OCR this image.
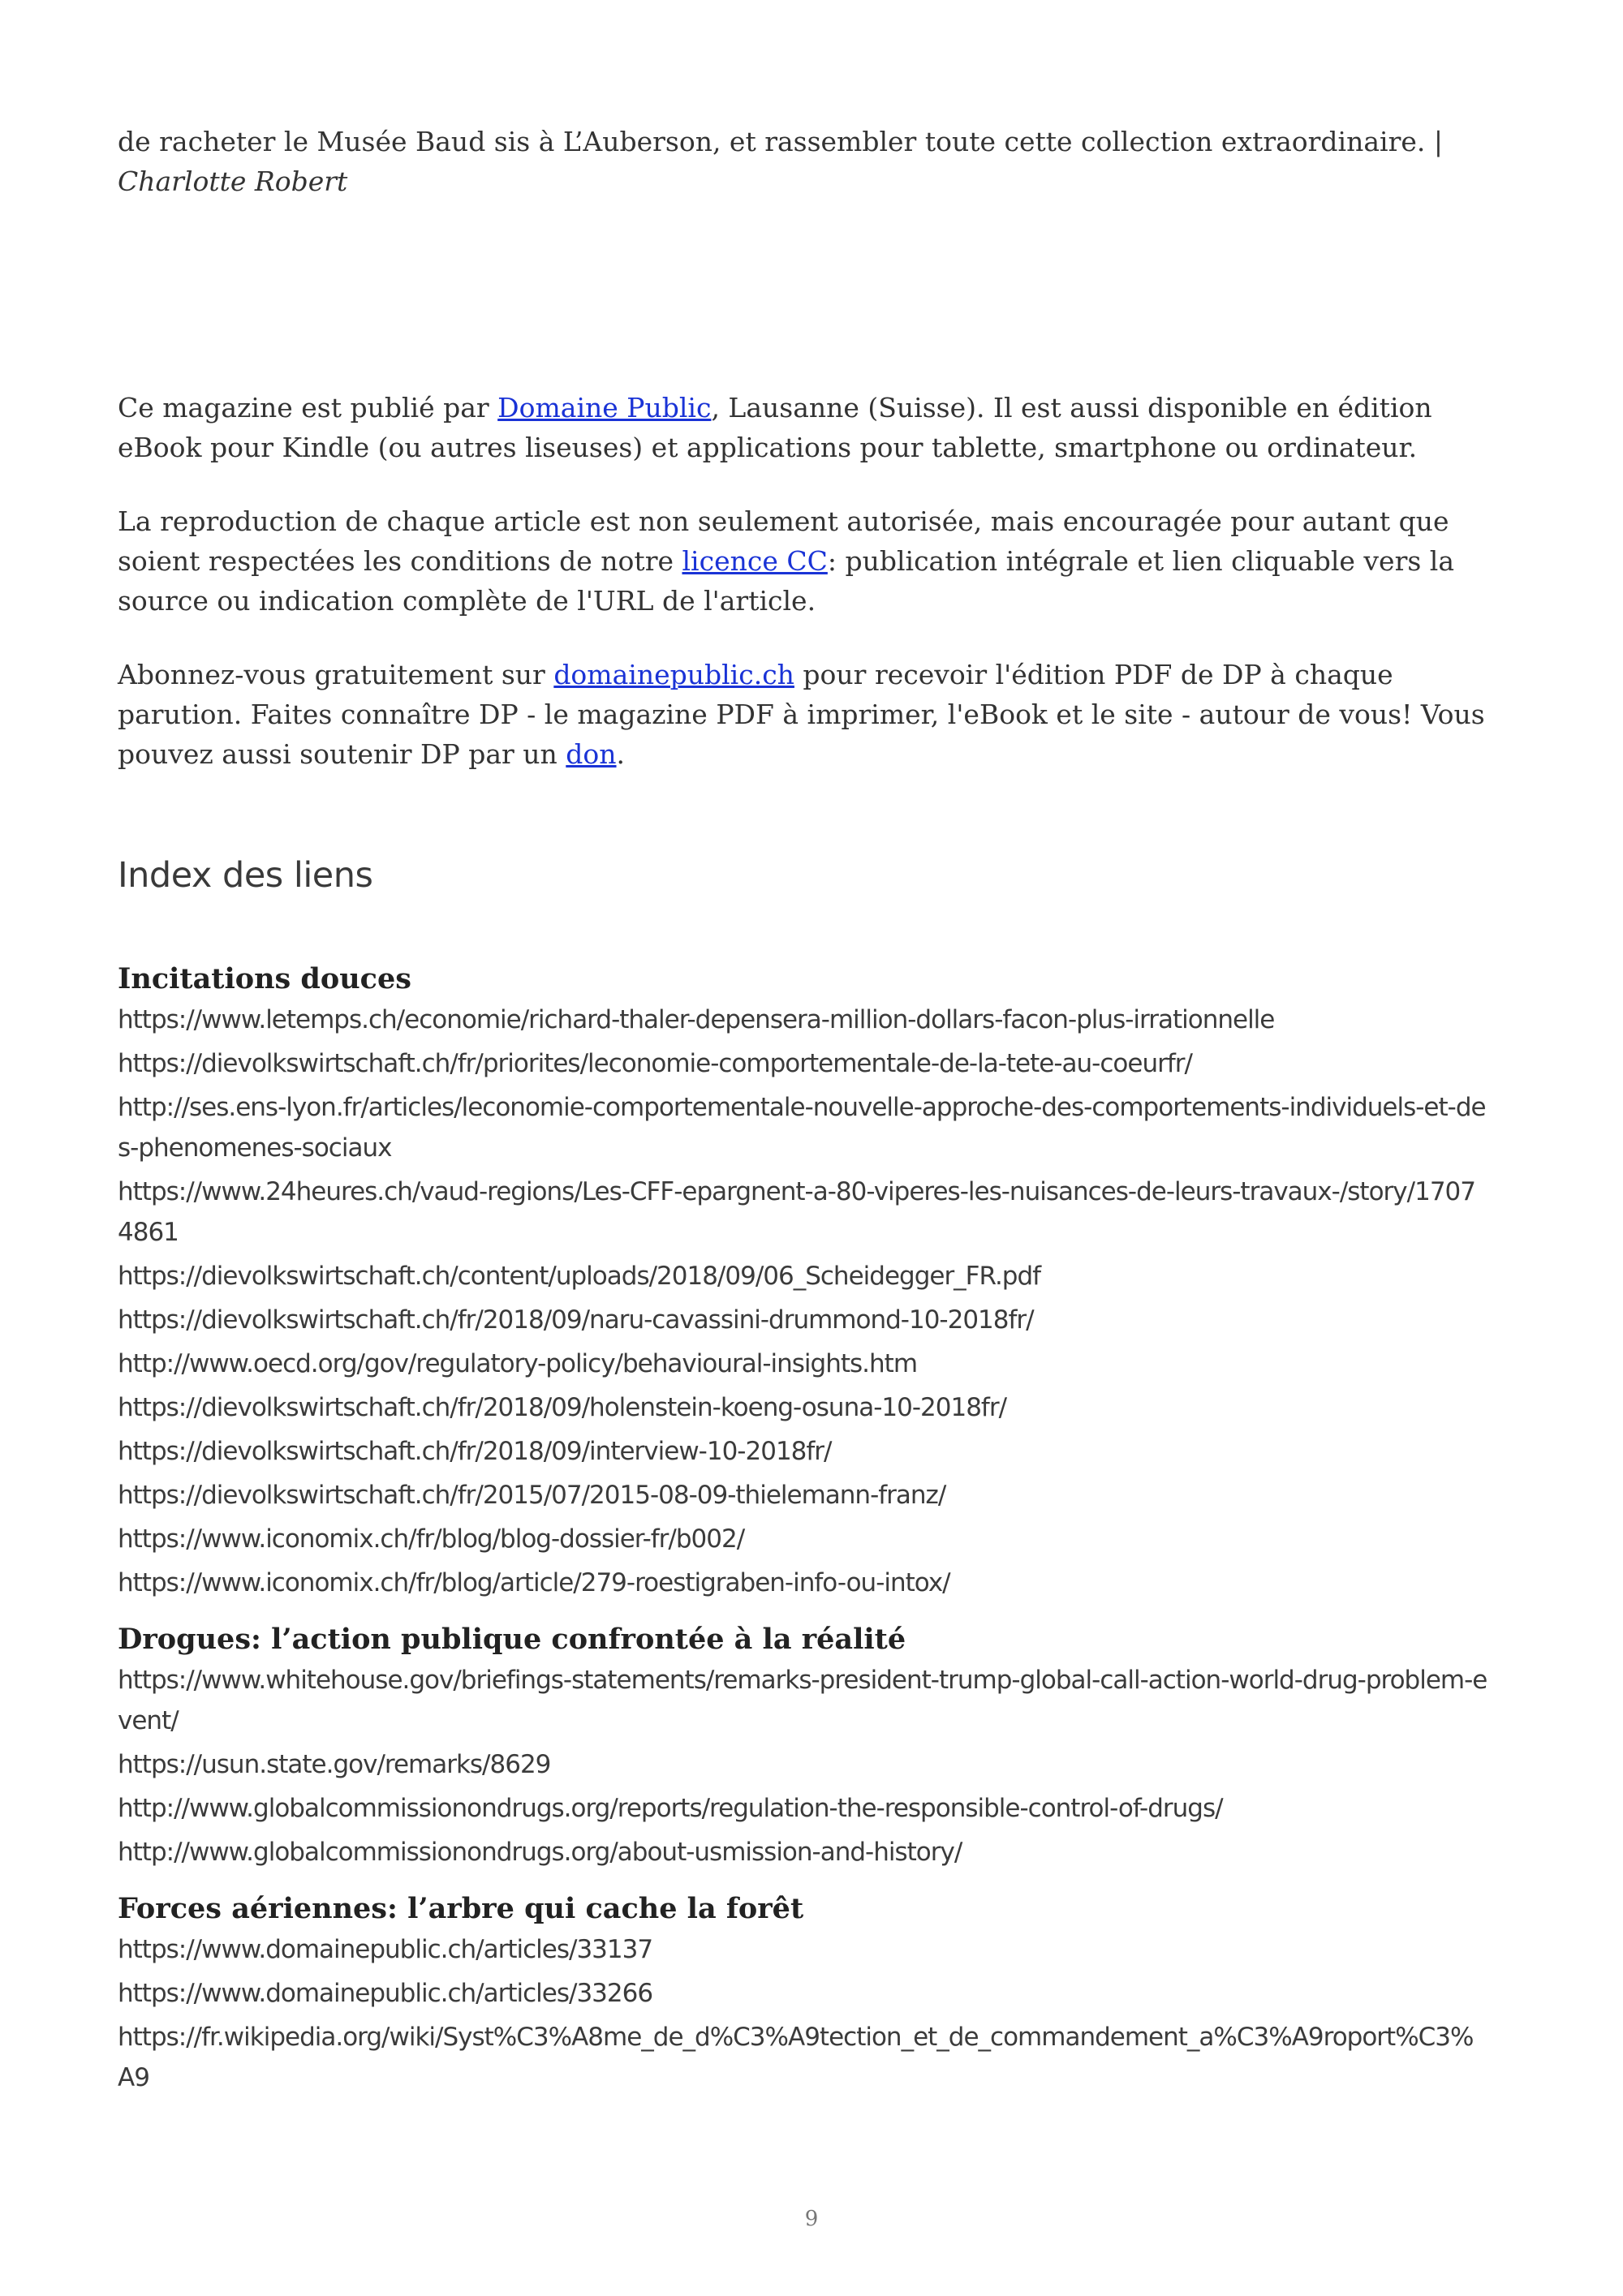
de racheter le Musée Baud sis à L’Auberson, et rassembler toute cette collection extraordinaire. |
Charlotte Robert

Ce magazine est publié par Domaine Public, Lausanne (Suisse). Il est aussi disponible en édition eBook pour Kindle (ou autres liseuses) et applications pour tablette, smartphone ou ordinateur.

La reproduction de chaque article est non seulement autorisée, mais encouragée pour autant que soient respectées les conditions de notre licence CC: publication intégrale et lien cliquable vers la source ou indication complète de l'URL de l'article.

Abonnez-vous gratuitement sur domainepublic.ch pour recevoir l'édition PDF de DP à chaque parution. Faites connaître DP - le magazine PDF à imprimer, l'eBook et le site - autour de vous! Vous pouvez aussi soutenir DP par un don.

Index des liens
Incitations douces
https://www.letemps.ch/economie/richard-thaler-depensera-million-dollars-facon-plus-irrationnelle
https://dievolkswirtschaft.ch/fr/priorites/leconomie-comportementale-de-la-tete-au-coeurfr/
http://ses.ens-lyon.fr/articles/leconomie-comportementale-nouvelle-approche-des-comportements-individuels-et-des-phenomenes-sociaux
https://www.24heures.ch/vaud-regions/Les-CFF-epargnent-a-80-viperes-les-nuisances-de-leurs-travaux-/story/17074861
https://dievolkswirtschaft.ch/content/uploads/2018/09/06_Scheidegger_FR.pdf
https://dievolkswirtschaft.ch/fr/2018/09/naru-cavassini-drummond-10-2018fr/
http://www.oecd.org/gov/regulatory-policy/behavioural-insights.htm
https://dievolkswirtschaft.ch/fr/2018/09/holenstein-koeng-osuna-10-2018fr/
https://dievolkswirtschaft.ch/fr/2018/09/interview-10-2018fr/
https://dievolkswirtschaft.ch/fr/2015/07/2015-08-09-thielemann-franz/
https://www.iconomix.ch/fr/blog/blog-dossier-fr/b002/
https://www.iconomix.ch/fr/blog/article/279-roestigraben-info-ou-intox/
Drogues: l’action publique confrontée à la réalité
https://www.whitehouse.gov/briefings-statements/remarks-president-trump-global-call-action-world-drug-problem-event/
https://usun.state.gov/remarks/8629
http://www.globalcommissionondrugs.org/reports/regulation-the-responsible-control-of-drugs/
http://www.globalcommissionondrugs.org/about-usmission-and-history/
Forces aériennes: l’arbre qui cache la forêt
https://www.domainepublic.ch/articles/33137
https://www.domainepublic.ch/articles/33266
https://fr.wikipedia.org/wiki/Syst%C3%A8me_de_d%C3%A9tection_et_de_commandement_a%C3%A9roport%C3%A9
9
